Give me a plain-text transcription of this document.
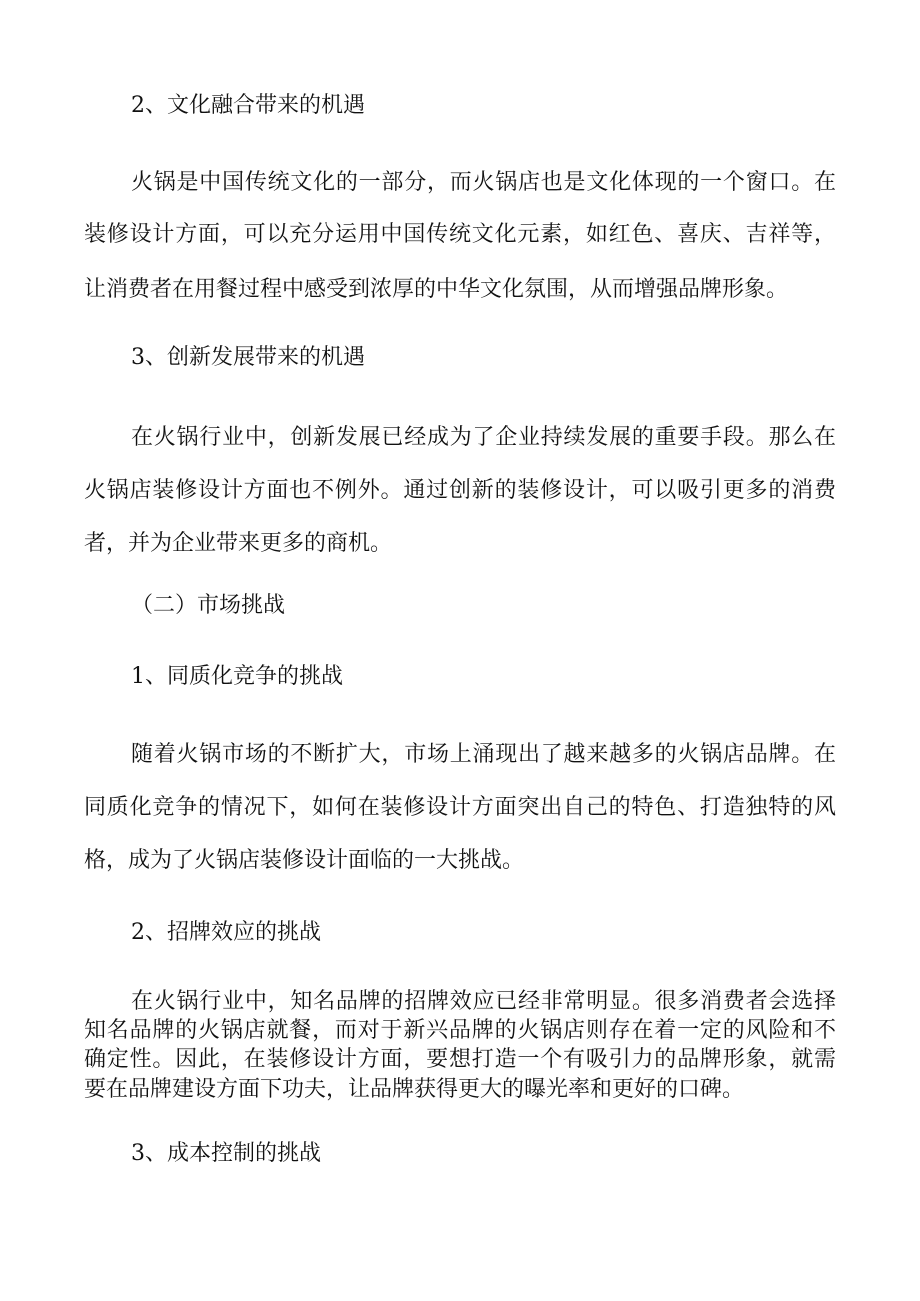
2、文化融合带来的机遇
火锅是中国传统文化的一部分，而火锅店也是文化体现的一个窗口。在
装修设计方面，可以充分运用中国传统文化元素，如红色、喜庆、吉祥等，
让消费者在用餐过程中感受到浓厚的中华文化氛围，从而增强品牌形象。
3、创新发展带来的机遇
在火锅行业中，创新发展已经成为了企业持续发展的重要手段。那么在
火锅店装修设计方面也不例外。通过创新的装修设计，可以吸引更多的消费
者，并为企业带来更多的商机。
（二）市场挑战
1、同质化竞争的挑战
随着火锅市场的不断扩大，市场上涌现出了越来越多的火锅店品牌。在
同质化竞争的情况下，如何在装修设计方面突出自己的特色、打造独特的风
格，成为了火锅店装修设计面临的一大挑战。
2、招牌效应的挑战
在火锅行业中，知名品牌的招牌效应已经非常明显。很多消费者会选择
知名品牌的火锅店就餐，而对于新兴品牌的火锅店则存在着一定的风险和不
确定性。因此，在装修设计方面，要想打造一个有吸引力的品牌形象，就需
要在品牌建设方面下功夫，让品牌获得更大的曝光率和更好的口碑。
3、成本控制的挑战
